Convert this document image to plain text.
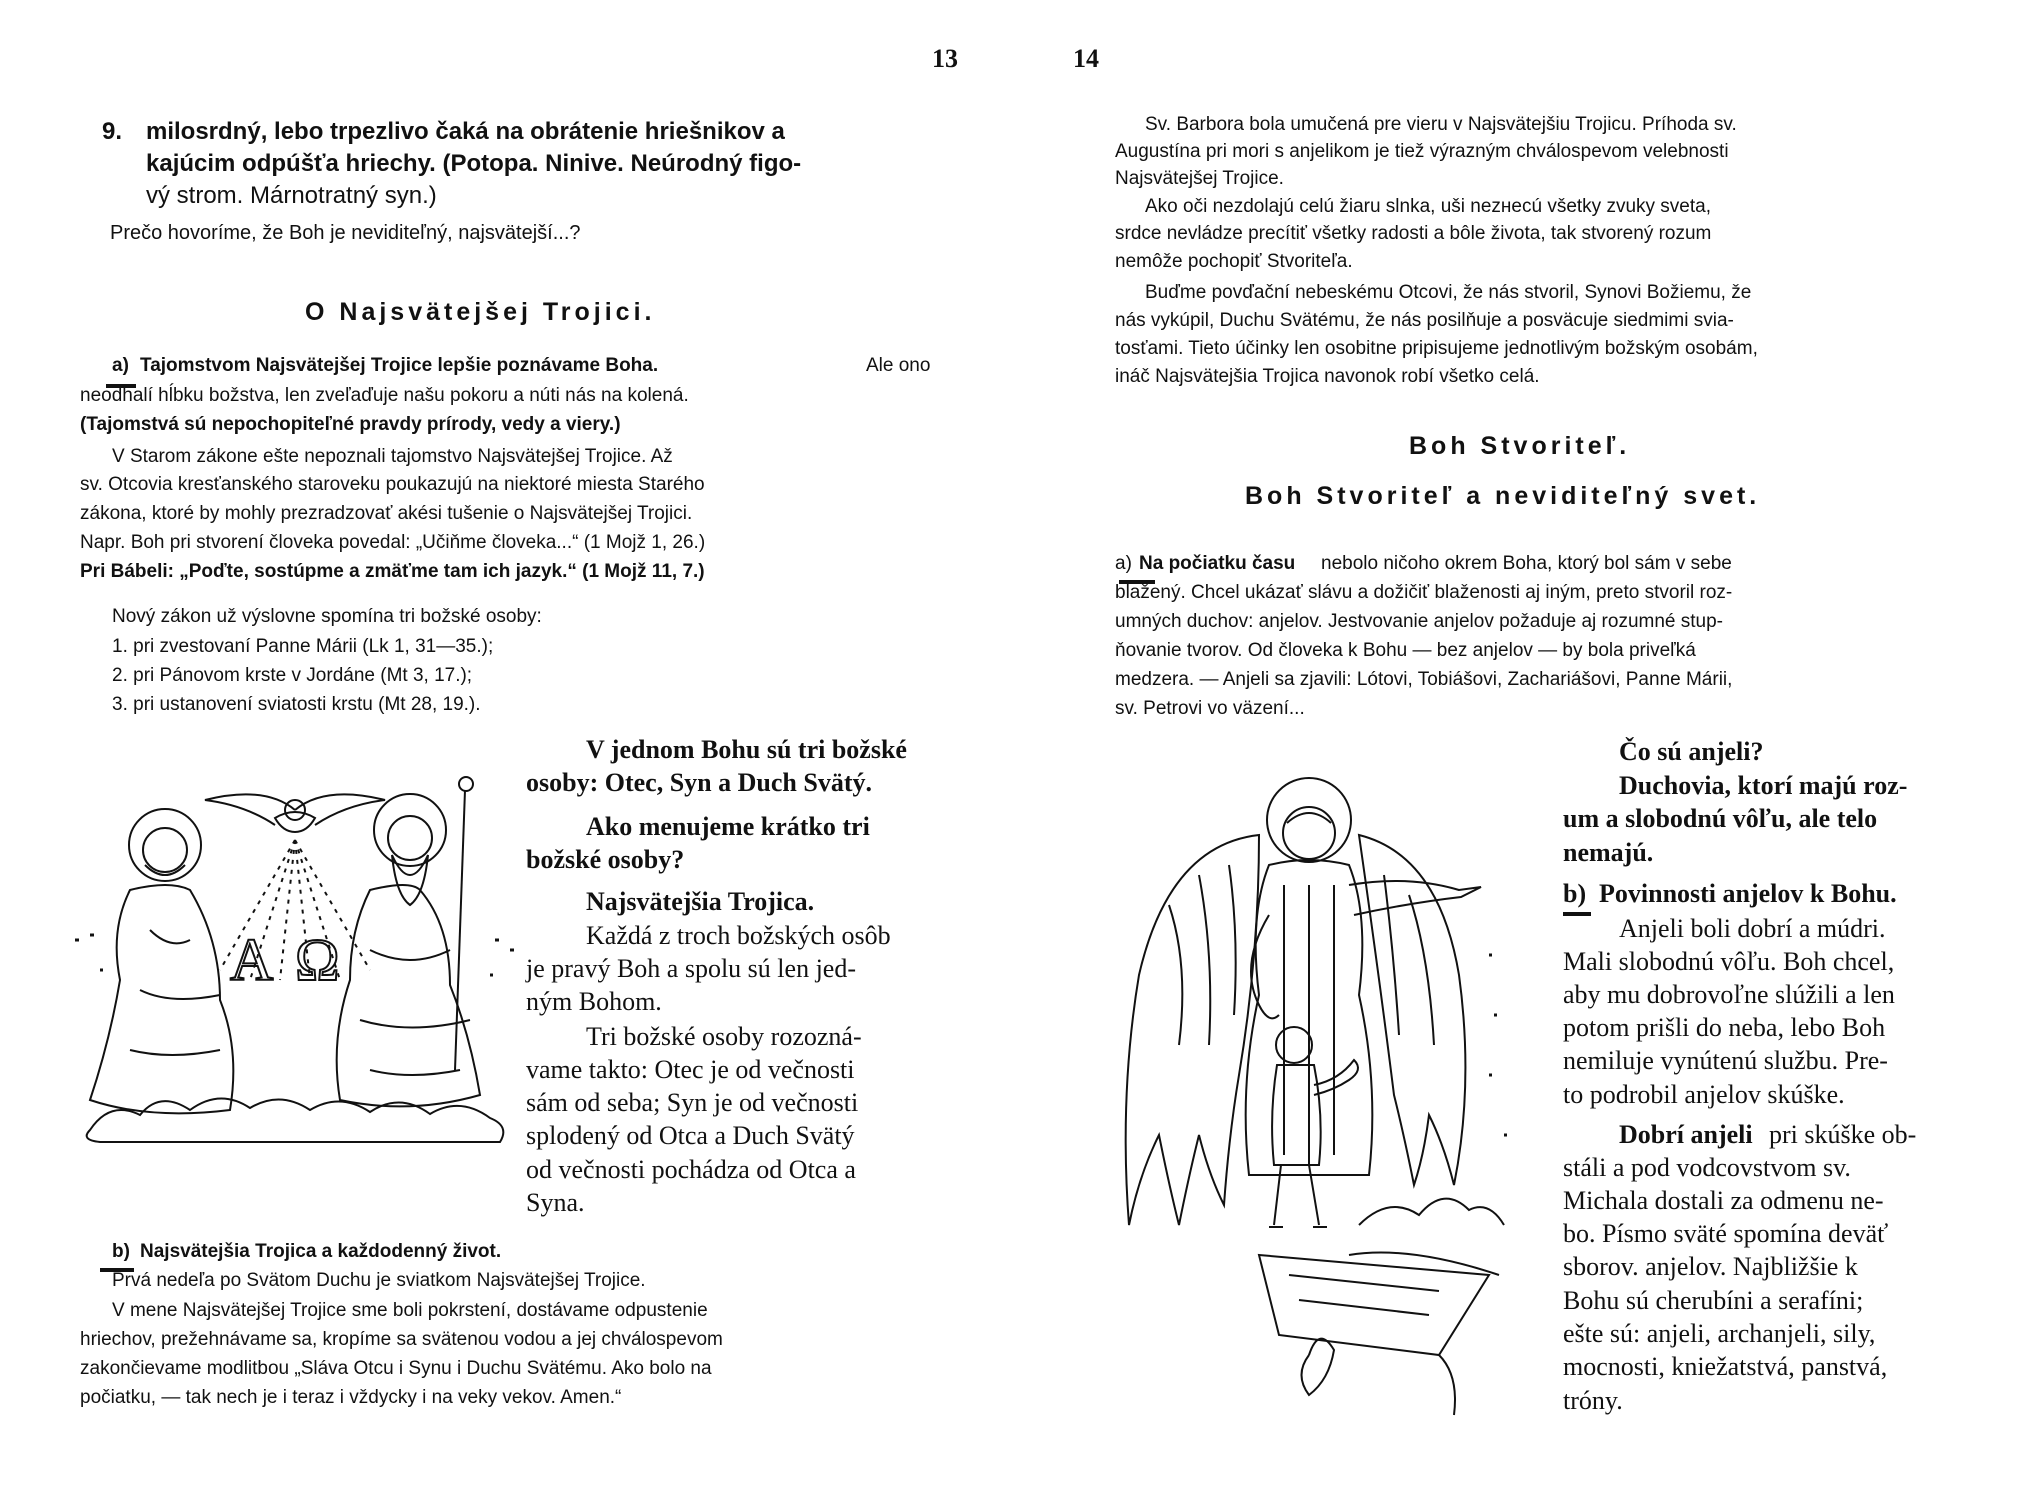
13
9. milosrdný, lebo trpezlivo čaká na obrátenie hriešnikov a
kajúcim odpúšťa hriechy. (Potopa. Ninive. Neúrodný figo-
vý strom. Márnotratný syn.)
Prečo hovoríme, že Boh je neviditeľný, najsvätejší...?
O Najsvätejšej Trojici.
a) Tajomstvom Najsvätejšej Trojice lepšie poznávame Boha.	Ale ono
neodhalí hĺbku božstva, len zveľaďuje našu pokoru a núti nás na kolená.
(Tajomstvá sú nepochopiteľné pravdy prírody, vedy a viery.)
V Starom zákone ešte nepoznali tajomstvo Najsvätejšej Trojice. Až
sv. Otcovia kresťanského staroveku poukazujú na niektoré miesta Starého
zákona, ktoré by mohly prezradzovať akési tušenie o Najsvätejšej Trojici.
Napr. Boh pri stvorení človeka povedal: „Učiňme človeka...“ (1 Mojž 1, 26.)
Pri Bábeli: „Poďte, sostúpme a zmäťme tam ich jazyk.“ (1 Mojž 11, 7.)
Nový zákon už výslovne spomína tri božské osoby:
1. pri zvestovaní Panne Márii (Lk 1, 31—35.);
2. pri Pánovom krste v Jordáne (Mt 3, 17.);
3. pri ustanovení sviatosti krstu (Mt 28, 19.).
V jednom Bohu sú tri božské
osoby: Otec, Syn a Duch Svätý.
Ako menujeme krátko tri
božské osoby?
Najsvätejšia Trojica.
Každá z troch božských osôb
je pravý Boh a spolu sú len jed-
ným Bohom.
Tri božské osoby rozozná-
vame takto: Otec je od večnosti
sám od seba; Syn je od večnosti
splodený od Otca a Duch Svätý
od večnosti pochádza od Otca a
Syna.
A Ω
b) Najsvätejšia Trojica a každodenný život.
Prvá nedeľa po Svätom Duchu je sviatkom Najsvätejšej Trojice.
V mene Najsvätejšej Trojice sme boli pokrstení, dostávame odpustenie
hriechov, prežehnávame sa, kropíme sa svätenou vodou a jej chválospevom
zakončievame modlitbou „Sláva Otcu i Synu i Duchu Svätému. Ako bolo na
počiatku, — tak nech je i teraz i vždycky i na veky vekov. Amen.“
14
Sv. Barbora bola umučená pre vieru v Najsvätejšiu Trojicu. Príhoda sv.
Augustína pri mori s anjelikom je tiež výrazným chválospevom velebnosti
Najsvätejšej Trojice.
Ako oči nezdolajú celú žiaru slnka, uši nezнесú všetky zvuky sveta,
srdce nevládze precítiť všetky radosti a bôle života, tak stvorený rozum
nemôže pochopiť Stvoriteľa.
Buďme povďační nebeskému Otcovi, že nás stvoril, Synovi Božiemu, že
nás vykúpil, Duchu Svätému, že nás posilňuje a posväcuje siedmimi svia-
tosťami. Tieto účinky len osobitne pripisujeme jednotlivým božským osobám,
ináč Najsvätejšia Trojica navonok robí všetko celá.
Boh Stvoriteľ.
Boh Stvoriteľ a neviditeľný svet.
a) Na počiatku času nebolo ničoho okrem Boha, ktorý bol sám v sebe
blažený. Chcel ukázať slávu a dožičiť blaženosti aj iným, preto stvoril roz-
umných duchov: anjelov. Jestvovanie anjelov požaduje aj rozumné stup-
ňovanie tvorov. Od človeka k Bohu — bez anjelov — by bola priveľká
medzera. — Anjeli sa zjavili: Lótovi, Tobiášovi, Zachariášovi, Panne Márii,
sv. Petrovi vo väzení...
Čo sú anjeli?
Duchovia, ktorí majú roz-
um a slobodnú vôľu, ale telo
nemajú.
b) Povinnosti anjelov k Bohu.
Anjeli boli dobrí a múdri.
Mali slobodnú vôľu. Boh chcel,
aby mu dobrovoľne slúžili a len
potom prišli do neba, lebo Boh
nemiluje vynútenú službu. Pre-
to podrobil anjelov skúške.
Dobrí anjeli pri skúške ob-
stáli a pod vodcovstvom sv.
Michala dostali za odmenu ne-
bo. Písmo sväté spomína deväť
sborov. anjelov. Najbližšie k
Bohu sú cherubíni a serafíni;
ešte sú: anjeli, archanjeli, sily,
mocnosti, kniežatstvá, panstvá,
tróny.
